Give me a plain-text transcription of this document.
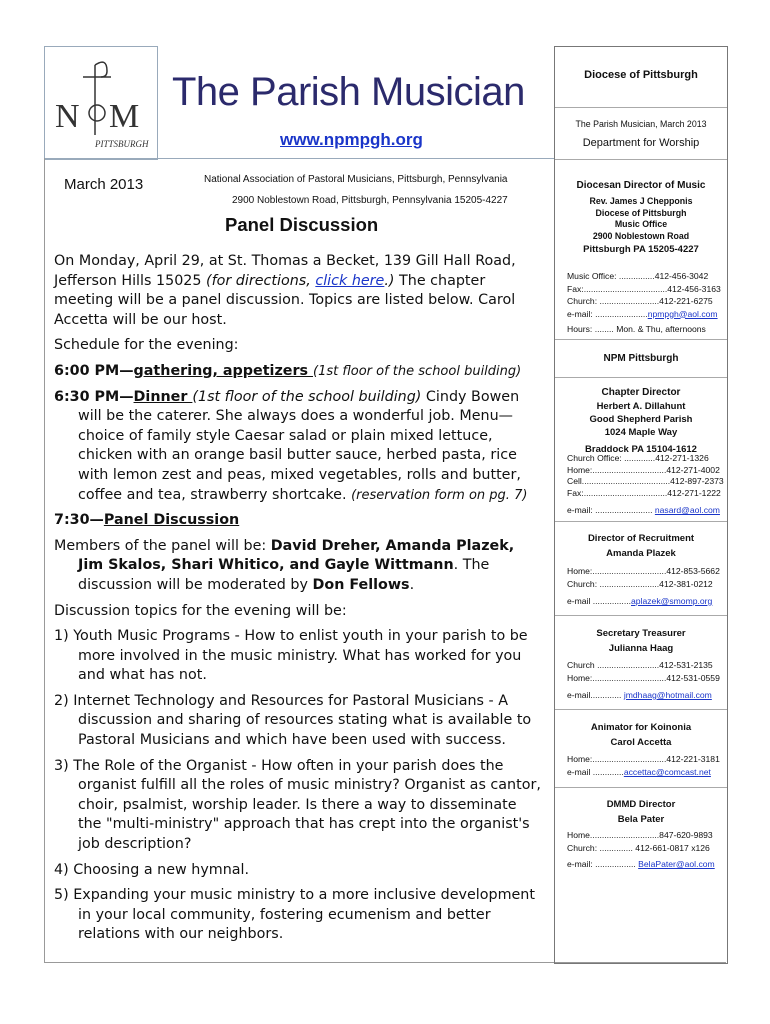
N M
PITTSBURGH
The Parish Musician
www.npmpgh.org
March 2013	National Association of Pastoral Musicians, Pittsburgh, Pennsylvania
2900 Noblestown Road, Pittsburgh, Pennsylvania 15205-4227
Panel Discussion
On Monday, April 29, at St. Thomas a Becket, 139 Gill Hall Road, Jefferson Hills 15025 (for directions, click here.) The chapter meeting will be a panel discussion. Topics are listed below. Carol Accetta will be our host.
Schedule for the evening:
6:00 PM—gathering, appetizers (1st floor of the school building)
6:30 PM—Dinner (1st floor of the school building) Cindy Bowen will be the caterer. She always does a wonderful job. Menu—choice of family style Caesar salad or plain mixed lettuce, chicken with an orange basil butter sauce, herbed pasta, rice with lemon zest and peas, mixed vegetables, rolls and butter, coffee and tea, strawberry shortcake. (reservation form on pg. 7)
7:30—Panel Discussion
Members of the panel will be: David Dreher, Amanda Plazek, Jim Skalos, Shari Whitico, and Gayle Wittmann. The discussion will be moderated by Don Fellows.
Discussion topics for the evening will be:
1) Youth Music Programs - How to enlist youth in your parish to be more involved in the music ministry. What has worked for you and what has not.
2) Internet Technology and Resources for Pastoral Musicians - A discussion and sharing of resources stating what is available to Pastoral Musicians and which have been used with success.
3) The Role of the Organist - How often in your parish does the organist fulfill all the roles of music ministry? Organist as cantor, choir, psalmist, worship leader. Is there a way to disseminate the "multi-ministry" approach that has crept into the organist's job description?
4) Choosing a new hymnal.
5) Expanding your music ministry to a more inclusive development in your local community, fostering ecumenism and better relations with our neighbors.
Diocese of Pittsburgh
The Parish Musician, March 2013
Department for Worship
Diocesan Director of Music
Rev. James J Chepponis
Diocese of Pittsburgh
Music Office
2900 Noblestown Road
Pittsburgh PA 15205-4227
Music Office: ...............412-456-3042
Fax:...................................412-456-3163
Church: .........................412-221-6275
e-mail: ......................npmpgh@aol.com
Hours: ........ Mon. & Thu, afternoons
NPM Pittsburgh
Chapter Director
Herbert A. Dillahunt
Good Shepherd Parish
1024 Maple Way
Braddock PA 15104-1612
Church Office: .............412-271-1326
Home:...............................412-271-4002
Cell.....................................412-897-2373
Fax:...................................412-271-1222
e-mail: ........................ nasard@aol.com
Director of Recruitment
Amanda Plazek
Home:...............................412-853-5662
Church: .........................412-381-0212
e-mail ................aplazek@smomp.org
Secretary Treasurer
Julianna Haag
Church ..........................412-531-2135
Home:...............................412-531-0559
e-mail............. jmdhaag@hotmail.com
Animator for Koinonia
Carol Accetta
Home:...............................412-221-3181
e-mail .............accettac@comcast.net
DMMD Director
Bela Pater
Home.............................847-620-9893
Church: .............. 412-661-0817 x126
e-mail: ................. BelaPater@aol.com
